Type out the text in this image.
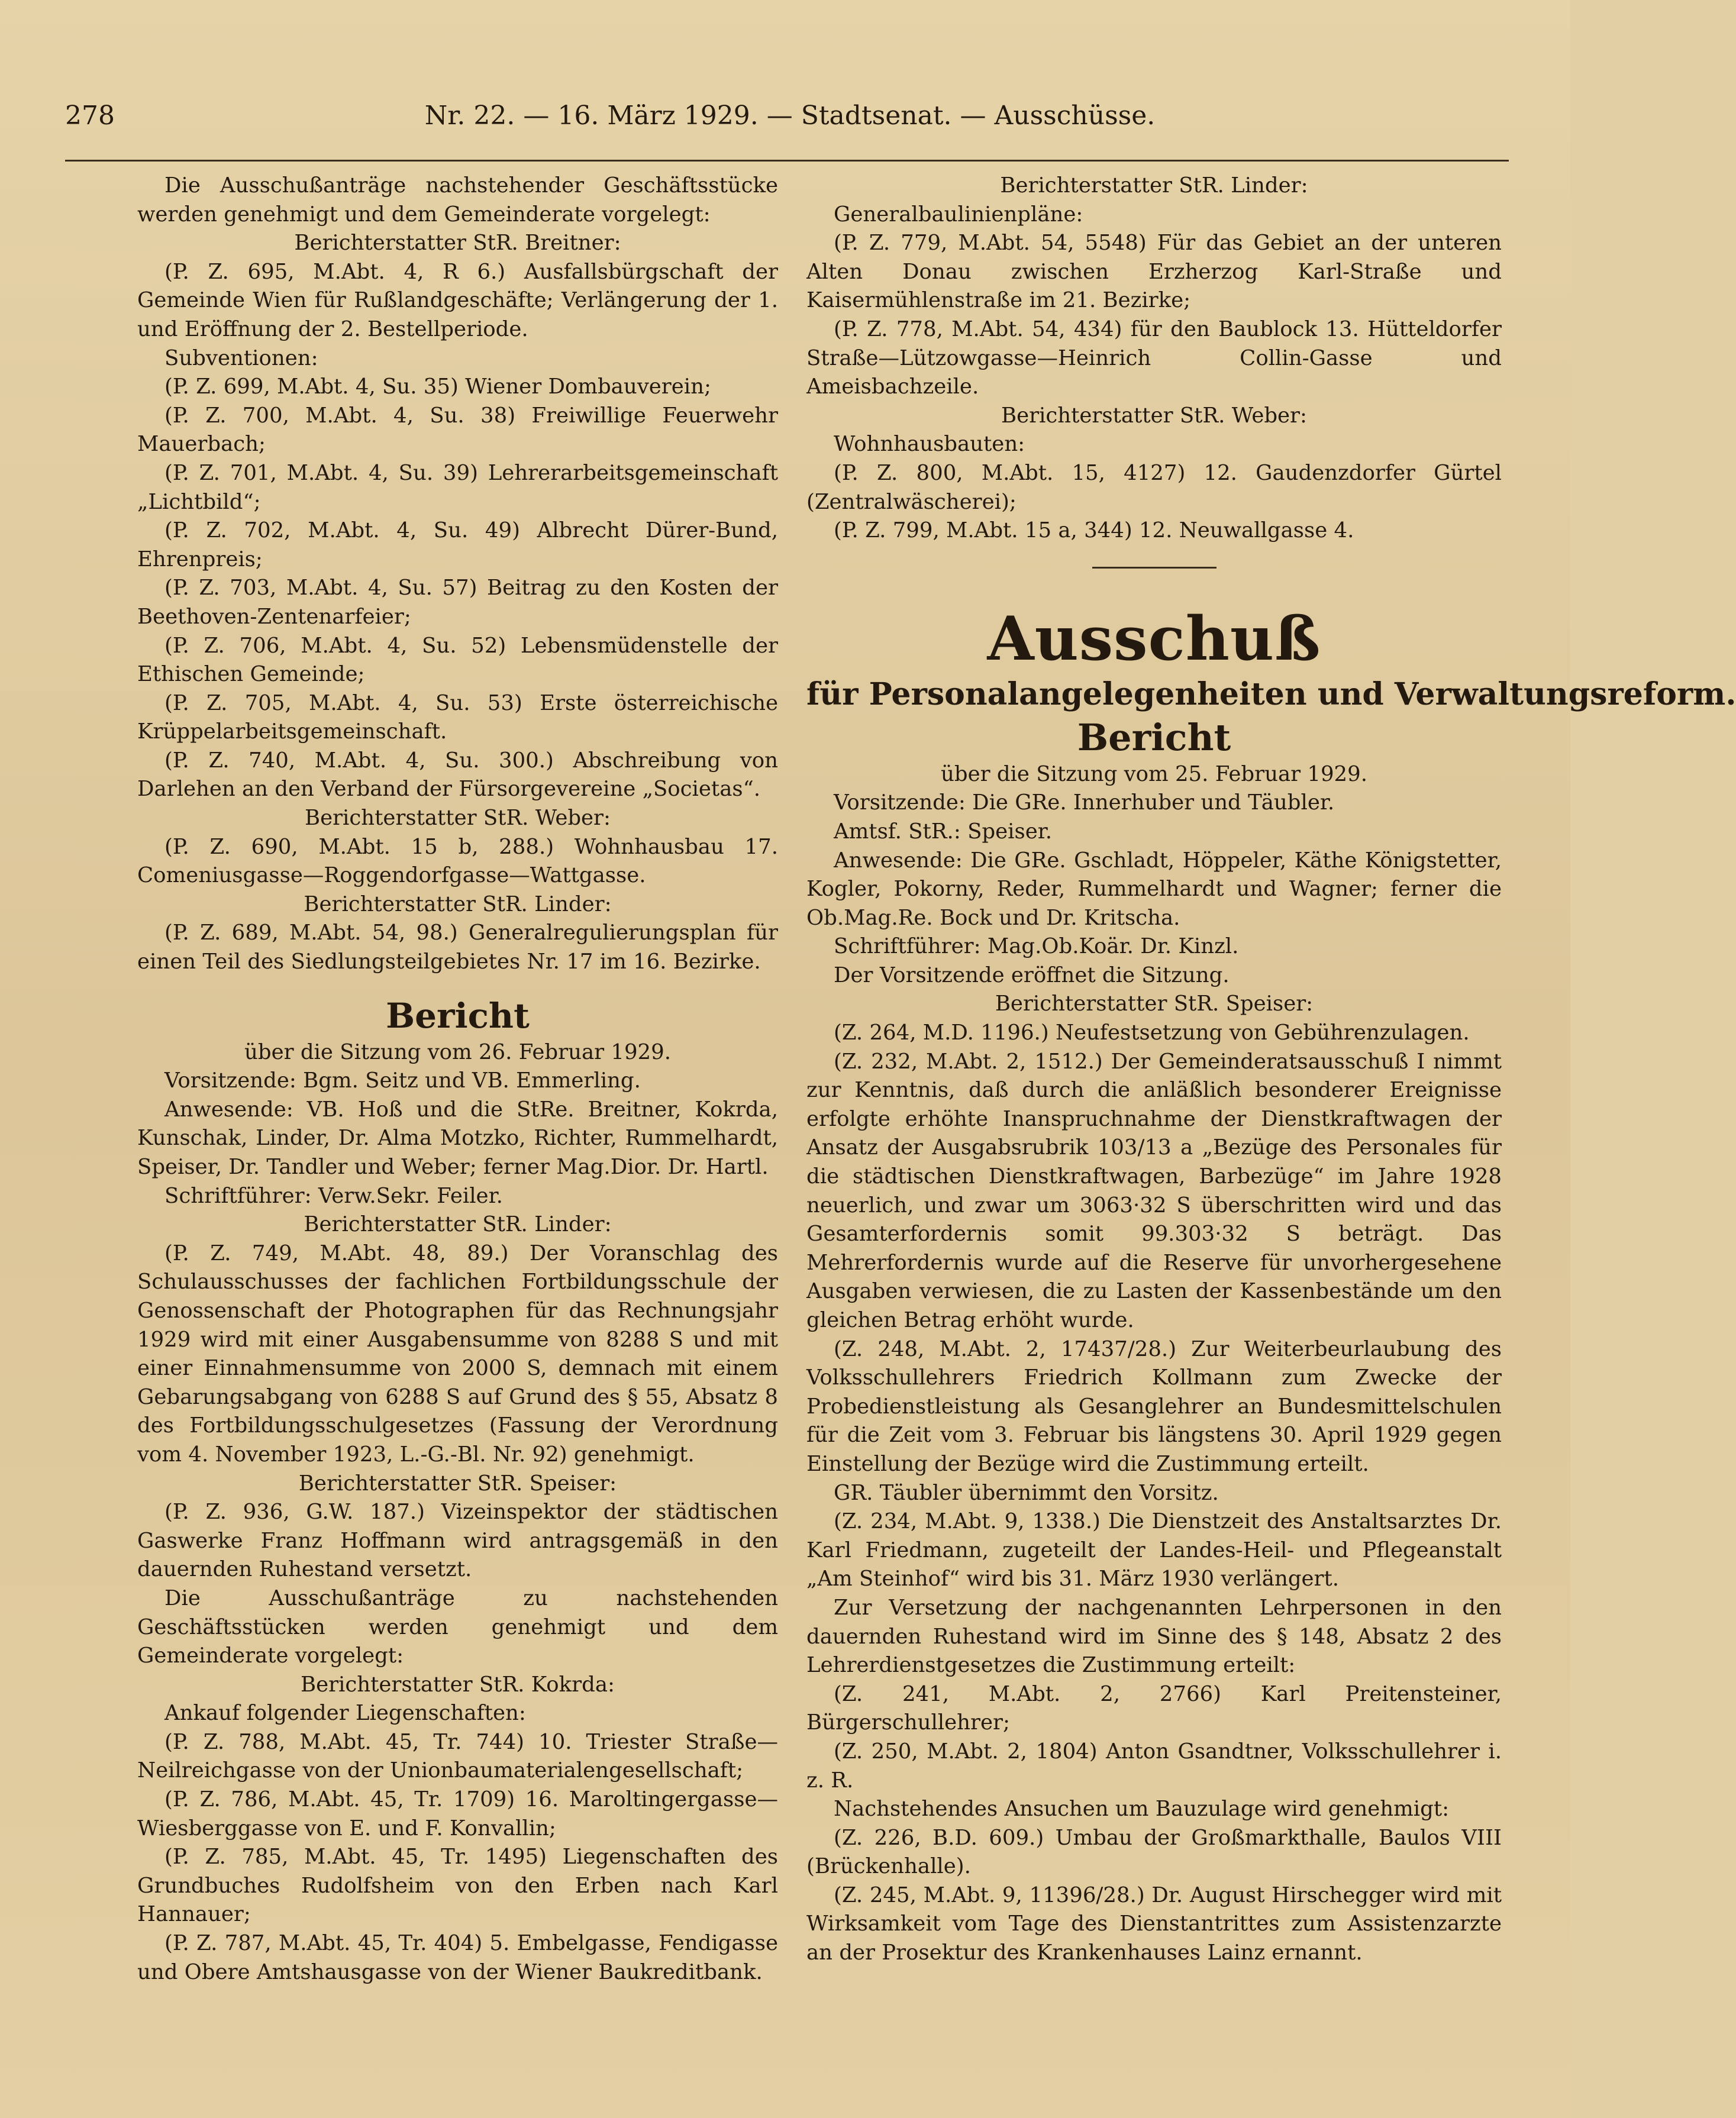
278	Nr. 22. — 16. März 1929. — Stadtsenat. — Ausschüsse.

Die Ausschußanträge nachstehender Geschäftsstücke werden genehmigt und dem Gemeinderate vorgelegt:

Berichterstatter StR. Breitner:

(P. Z. 695, M.Abt. 4, R 6.) Ausfallsbürgschaft der Gemeinde Wien für Rußlandgeschäfte; Verlängerung der 1. und Eröffnung der 2. Bestellperiode.

Subventionen:

(P. Z. 699, M.Abt. 4, Su. 35) Wiener Dombauverein;

(P. Z. 700, M.Abt. 4, Su. 38) Freiwillige Feuerwehr Mauerbach;

(P. Z. 701, M.Abt. 4, Su. 39) Lehrerarbeitsgemeinschaft „Lichtbild“;

(P. Z. 702, M.Abt. 4, Su. 49) Albrecht Dürer-Bund, Ehrenpreis;

(P. Z. 703, M.Abt. 4, Su. 57) Beitrag zu den Kosten der Beethoven-Zentenarfeier;

(P. Z. 706, M.Abt. 4, Su. 52) Lebensmüdenstelle der Ethischen Gemeinde;

(P. Z. 705, M.Abt. 4, Su. 53) Erste österreichische Krüppelarbeitsgemeinschaft.

(P. Z. 740, M.Abt. 4, Su. 300.) Abschreibung von Darlehen an den Verband der Fürsorgevereine „Societas“.

Berichterstatter StR. Weber:

(P. Z. 690, M.Abt. 15 b, 288.) Wohnhausbau 17. Comeniusgasse—Roggendorfgasse—Wattgasse.

Berichterstatter StR. Linder:

(P. Z. 689, M.Abt. 54, 98.) Generalregulierungsplan für einen Teil des Siedlungsteilgebietes Nr. 17 im 16. Bezirke.

Bericht

über die Sitzung vom 26. Februar 1929.

Vorsitzende: Bgm. Seitz und VB. Emmerling.

Anwesende: VB. Hoß und die StRe. Breitner, Kokrda, Kunschak, Linder, Dr. Alma Motzko, Richter, Rummelhardt, Speiser, Dr. Tandler und Weber; ferner Mag.Dior. Dr. Hartl.

Schriftführer: Verw.Sekr. Feiler.

Berichterstatter StR. Linder:

(P. Z. 749, M.Abt. 48, 89.) Der Voranschlag des Schulausschusses der fachlichen Fortbildungsschule der Genossenschaft der Photographen für das Rechnungsjahr 1929 wird mit einer Ausgabensumme von 8288 S und mit einer Einnahmensumme von 2000 S, demnach mit einem Gebarungsabgang von 6288 S auf Grund des § 55, Absatz 8 des Fortbildungsschulgesetzes (Fassung der Verordnung vom 4. November 1923, L.-G.-Bl. Nr. 92) genehmigt.

Berichterstatter StR. Speiser:

(P. Z. 936, G.W. 187.) Vizeinspektor der städtischen Gaswerke Franz Hoffmann wird antragsgemäß in den dauernden Ruhestand versetzt.

Die Ausschußanträge zu nachstehenden Geschäftsstücken werden genehmigt und dem Gemeinderate vorgelegt:

Berichterstatter StR. Kokrda:

Ankauf folgender Liegenschaften:

(P. Z. 788, M.Abt. 45, Tr. 744) 10. Triester Straße—Neilreichgasse von der Unionbaumaterialengesellschaft;

(P. Z. 786, M.Abt. 45, Tr. 1709) 16. Maroltingergasse—Wiesberggasse von E. und F. Konvallin;

(P. Z. 785, M.Abt. 45, Tr. 1495) Liegenschaften des Grundbuches Rudolfsheim von den Erben nach Karl Hannauer;

(P. Z. 787, M.Abt. 45, Tr. 404) 5. Embelgasse, Fendigasse und Obere Amtshausgasse von der Wiener Baukreditbank.

Berichterstatter StR. Linder:

Generalbaulinienpläne:

(P. Z. 779, M.Abt. 54, 5548) Für das Gebiet an der unteren Alten Donau zwischen Erzherzog Karl-Straße und Kaisermühlenstraße im 21. Bezirke;

(P. Z. 778, M.Abt. 54, 434) für den Baublock 13. Hütteldorfer Straße—Lützowgasse—Heinrich Collin-Gasse und Ameisbachzeile.

Berichterstatter StR. Weber:

Wohnhausbauten:

(P. Z. 800, M.Abt. 15, 4127) 12. Gaudenzdorfer Gürtel (Zentralwäscherei);

(P. Z. 799, M.Abt. 15 a, 344) 12. Neuwallgasse 4.

Ausschuß

für Personalangelegenheiten und Verwaltungsreform.

Bericht

über die Sitzung vom 25. Februar 1929.

Vorsitzende: Die GRe. Innerhuber und Täubler.

Amtsf. StR.: Speiser.

Anwesende: Die GRe. Gschladt, Höppeler, Käthe Königstetter, Kogler, Pokorny, Reder, Rummelhardt und Wagner; ferner die Ob.Mag.Re. Bock und Dr. Kritscha.

Schriftführer: Mag.Ob.Koär. Dr. Kinzl.

Der Vorsitzende eröffnet die Sitzung.

Berichterstatter StR. Speiser:

(Z. 264, M.D. 1196.) Neufestsetzung von Gebührenzulagen.

(Z. 232, M.Abt. 2, 1512.) Der Gemeinderatsausschuß I nimmt zur Kenntnis, daß durch die anläßlich besonderer Ereignisse erfolgte erhöhte Inanspruchnahme der Dienstkraftwagen der Ansatz der Ausgabsrubrik 103/13 a „Bezüge des Personales für die städtischen Dienstkraftwagen, Barbezüge“ im Jahre 1928 neuerlich, und zwar um 3063·32 S überschritten wird und das Gesamterfordernis somit 99.303·32 S beträgt. Das Mehrerfordernis wurde auf die Reserve für unvorhergesehene Ausgaben verwiesen, die zu Lasten der Kassenbestände um den gleichen Betrag erhöht wurde.

(Z. 248, M.Abt. 2, 17437/28.) Zur Weiterbeurlaubung des Volksschullehrers Friedrich Kollmann zum Zwecke der Probedienstleistung als Gesanglehrer an Bundesmittelschulen für die Zeit vom 3. Februar bis längstens 30. April 1929 gegen Einstellung der Bezüge wird die Zustimmung erteilt.

GR. Täubler übernimmt den Vorsitz.

(Z. 234, M.Abt. 9, 1338.) Die Dienstzeit des Anstaltsarztes Dr. Karl Friedmann, zugeteilt der Landes-Heil- und Pflegeanstalt „Am Steinhof“ wird bis 31. März 1930 verlängert.

Zur Versetzung der nachgenannten Lehrpersonen in den dauernden Ruhestand wird im Sinne des § 148, Absatz 2 des Lehrerdienstgesetzes die Zustimmung erteilt:

(Z. 241, M.Abt. 2, 2766) Karl Preitensteiner, Bürgerschullehrer;

(Z. 250, M.Abt. 2, 1804) Anton Gsandtner, Volksschullehrer i. z. R.

Nachstehendes Ansuchen um Bauzulage wird genehmigt:

(Z. 226, B.D. 609.) Umbau der Großmarkthalle, Baulos VIII (Brückenhalle).

(Z. 245, M.Abt. 9, 11396/28.) Dr. August Hirschegger wird mit Wirksamkeit vom Tage des Dienstantrittes zum Assistenzarzte an der Prosektur des Krankenhauses Lainz ernannt.
